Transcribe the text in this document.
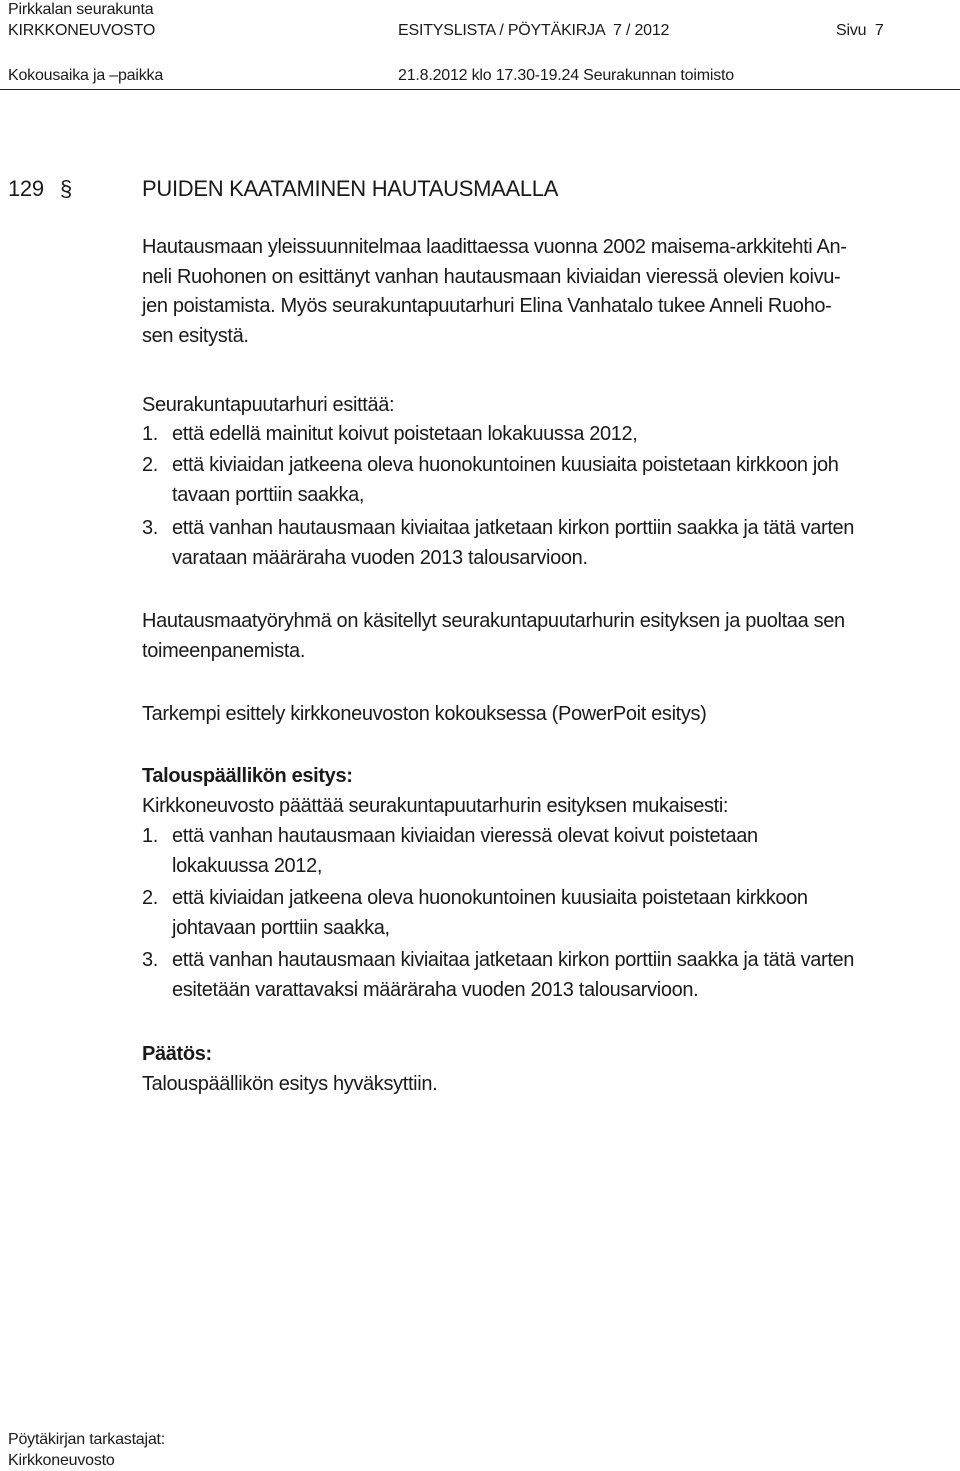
Pirkkalan seurakunta
KIRKKONEUVOSTO	ESITYSLISTA / PÖYTÄKIRJA  7 / 2012	Sivu  7
Kokousaika ja –paikka	21.8.2012 klo 17.30-19.24 Seurakunnan toimisto
129 §	PUIDEN KAATAMINEN HAUTAUSMAALLA
Hautausmaan yleissuunnitelmaa laadittaessa vuonna 2002 maisema-arkkitehti An-
neli Ruohonen on esittänyt vanhan hautausmaan kiviaidan vieressä olevien koivu-
jen poistamista. Myös seurakuntapuutarhuri Elina Vanhatalo tukee Anneli Ruoho-
sen esitystä.
Seurakuntapuutarhuri esittää:
1. että edellä mainitut koivut poistetaan lokakuussa 2012,
2. että kiviaidan jatkeena oleva huonokuntoinen kuusiaita poistetaan kirkkoon joh
tavaan porttiin saakka,
3. että vanhan hautausmaan kiviaitaa jatketaan kirkon porttiin saakka ja tätä varten
varataan määräraha vuoden 2013 talousarvioon.
Hautausmaatyöryhmä on käsitellyt seurakuntapuutarhurin esityksen ja puoltaa sen
toimeenpanemista.
Tarkempi esittely kirkkoneuvoston kokouksessa (PowerPoit esitys)
Talouspäällikön esitys:
Kirkkoneuvosto päättää seurakuntapuutarhurin esityksen mukaisesti:
1. että vanhan hautausmaan kiviaidan vieressä olevat koivut poistetaan
lokakuussa 2012,
2. että kiviaidan jatkeena oleva huonokuntoinen kuusiaita poistetaan kirkkoon
johtavaan porttiin saakka,
3. että vanhan hautausmaan kiviaitaa jatketaan kirkon porttiin saakka ja tätä varten
esitetään varattavaksi määräraha vuoden 2013 talousarvioon.
Päätös:
Talouspäällikön esitys hyväksyttiin.
Pöytäkirjan tarkastajat:
Kirkkoneuvosto
